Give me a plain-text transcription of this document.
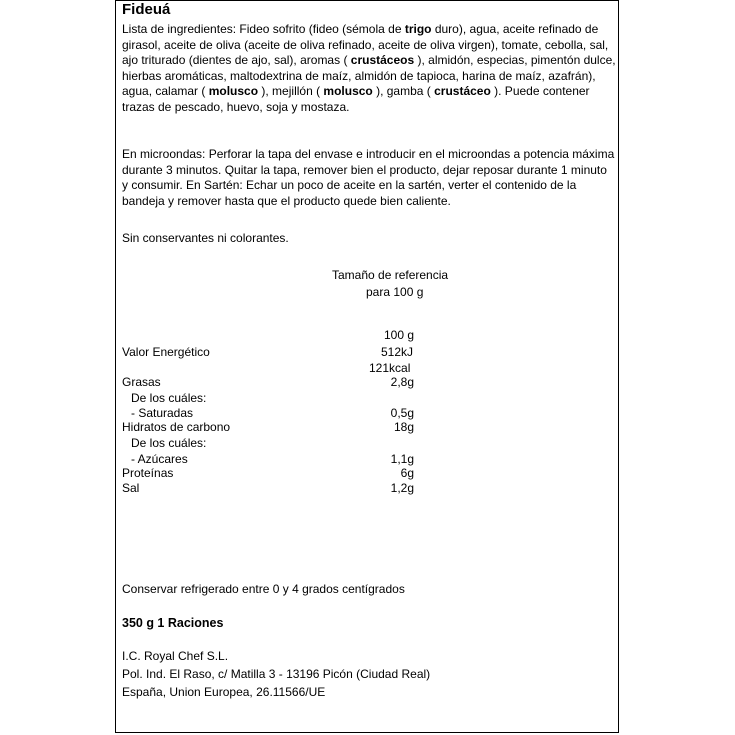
Fideuá
Lista de ingredientes: Fideo sofrito (fideo (sémola de trigo duro), agua, aceite refinado de girasol, aceite de oliva (aceite de oliva refinado, aceite de oliva virgen), tomate, cebolla, sal, ajo triturado (dientes de ajo, sal), aromas ( crustáceos ), almidón, especias, pimentón dulce, hierbas aromáticas, maltodextrina de maíz, almidón de tapioca, harina de maíz, azafrán), agua, calamar ( molusco ), mejillón ( molusco ), gamba ( crustáceo ). Puede contener trazas de pescado, huevo, soja y mostaza.
En microondas: Perforar la tapa del envase e introducir en el microondas a potencia máxima durante 3 minutos. Quitar la tapa, remover bien el producto, dejar reposar durante 1 minuto y consumir. En Sartén: Echar un poco de aceite en la sartén, verter el contenido de la bandeja y remover hasta que el producto quede bien caliente.
Sin conservantes ni colorantes.
Tamaño de referencia
para 100 g
100 g
Valor Energético	512kJ
121kcal
Grasas	2,8g
De los cuáles:
- Saturadas	0,5g
Hidratos de carbono	18g
De los cuáles:
- Azúcares	1,1g
Proteínas	6g
Sal	1,2g
Conservar refrigerado entre 0 y 4 grados centígrados
350 g 1 Raciones
I.C. Royal Chef S.L.
Pol. Ind. El Raso, c/ Matilla 3 - 13196 Picón (Ciudad Real)
España, Union Europea, 26.11566/UE
